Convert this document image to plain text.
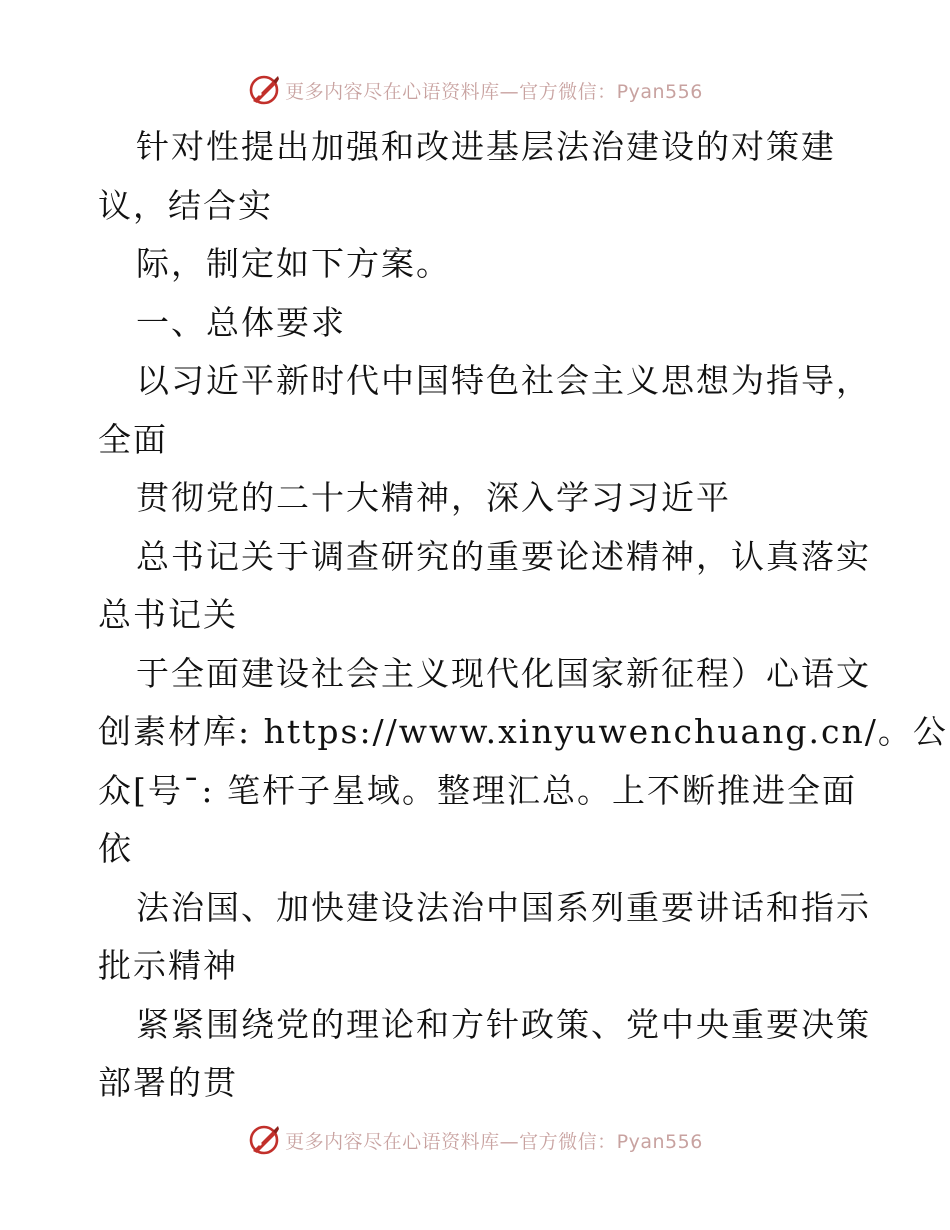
更多内容尽在心语资料库—官方微信：Pyan556

针对性提出加强和改进基层法治建设的对策建

议，结合实

际，制定如下方案。

一、总体要求

以习近平新时代中国特色社会主义思想为指导，

全面

贯彻党的二十大精神，深入学习习近平

总书记关于调查研究的重要论述精神，认真落实

总书记关

于全面建设社会主义现代化国家新征程）心语文

创素材库: https://www.xinyuwenchuang.cn/。公

众[号¯: 笔杆子星域。整理汇总。上不断推进全面

依

法治国、加快建设法治中国系列重要讲话和指示

批示精神

紧紧围绕党的理论和方针政策、党中央重要决策

部署的贯

更多内容尽在心语资料库—官方微信：Pyan556
